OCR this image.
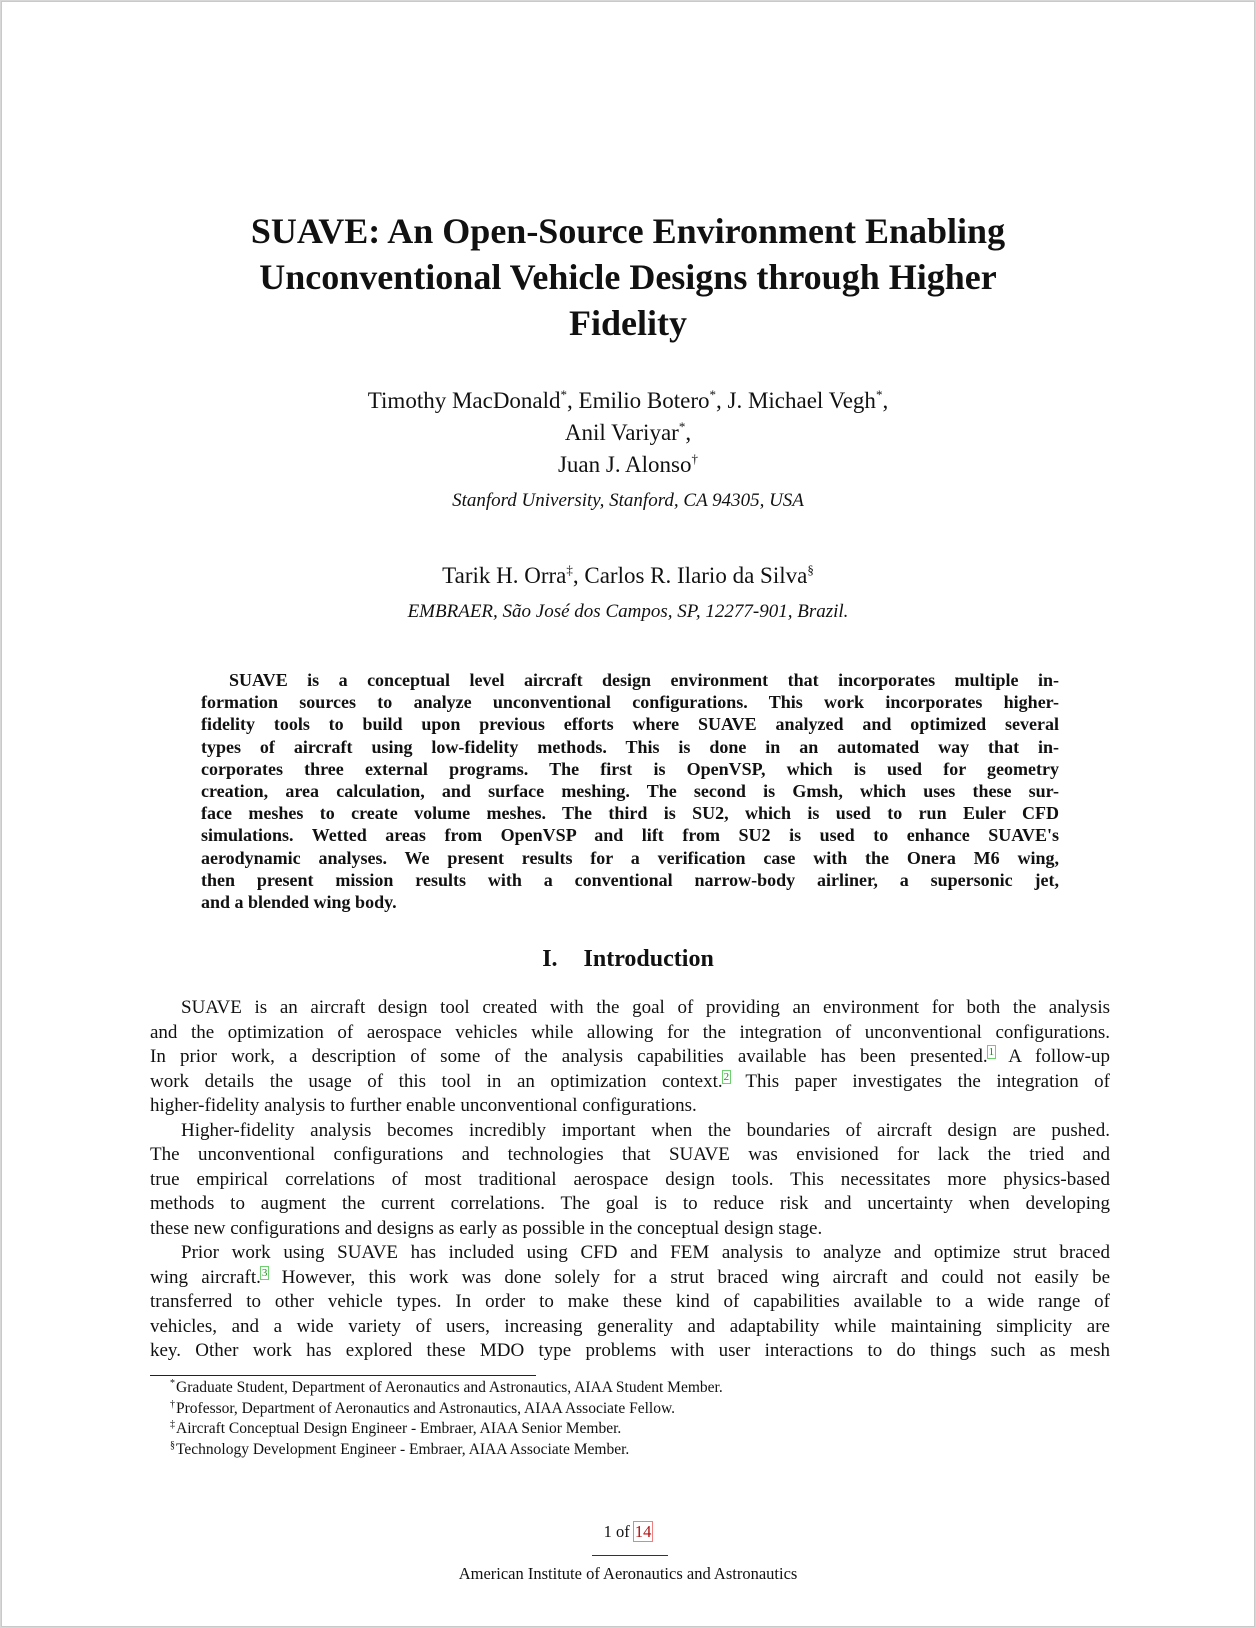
SUAVE: An Open-Source Environment Enabling
Unconventional Vehicle Designs through Higher
Fidelity
Timothy MacDonald*, Emilio Botero*, J. Michael Vegh*,
Anil Variyar*,
Juan J. Alonso†
Stanford University, Stanford, CA 94305, USA
Tarik H. Orra‡, Carlos R. Ilario da Silva§
EMBRAER, São José dos Campos, SP, 12277-901, Brazil.
SUAVE is a conceptual level aircraft design environment that incorporates multiple in-
formation sources to analyze unconventional configurations. This work incorporates higher-
fidelity tools to build upon previous efforts where SUAVE analyzed and optimized several
types of aircraft using low-fidelity methods. This is done in an automated way that in-
corporates three external programs. The first is OpenVSP, which is used for geometry
creation, area calculation, and surface meshing. The second is Gmsh, which uses these sur-
face meshes to create volume meshes. The third is SU2, which is used to run Euler CFD
simulations. Wetted areas from OpenVSP and lift from SU2 is used to enhance SUAVE's
aerodynamic analyses. We present results for a verification case with the Onera M6 wing,
then present mission results with a conventional narrow-body airliner, a supersonic jet,
and a blended wing body.
I. Introduction
SUAVE is an aircraft design tool created with the goal of providing an environment for both the analysis
and the optimization of aerospace vehicles while allowing for the integration of unconventional configurations.
In prior work, a description of some of the analysis capabilities available has been presented.$^1$ A follow-up
work details the usage of this tool in an optimization context.$^2$ This paper investigates the integration of
higher-fidelity analysis to further enable unconventional configurations.
Higher-fidelity analysis becomes incredibly important when the boundaries of aircraft design are pushed.
The unconventional configurations and technologies that SUAVE was envisioned for lack the tried and
true empirical correlations of most traditional aerospace design tools. This necessitates more physics-based
methods to augment the current correlations. The goal is to reduce risk and uncertainty when developing
these new configurations and designs as early as possible in the conceptual design stage.
Prior work using SUAVE has included using CFD and FEM analysis to analyze and optimize strut braced
wing aircraft.$^3$ However, this work was done solely for a strut braced wing aircraft and could not easily be
transferred to other vehicle types. In order to make these kind of capabilities available to a wide range of
vehicles, and a wide variety of users, increasing generality and adaptability while maintaining simplicity are
key. Other work has explored these MDO type problems with user interactions to do things such as mesh
*Graduate Student, Department of Aeronautics and Astronautics, AIAA Student Member.
†Professor, Department of Aeronautics and Astronautics, AIAA Associate Fellow.
‡Aircraft Conceptual Design Engineer - Embraer, AIAA Senior Member.
§Technology Development Engineer - Embraer, AIAA Associate Member.
1 of 14
American Institute of Aeronautics and Astronautics
